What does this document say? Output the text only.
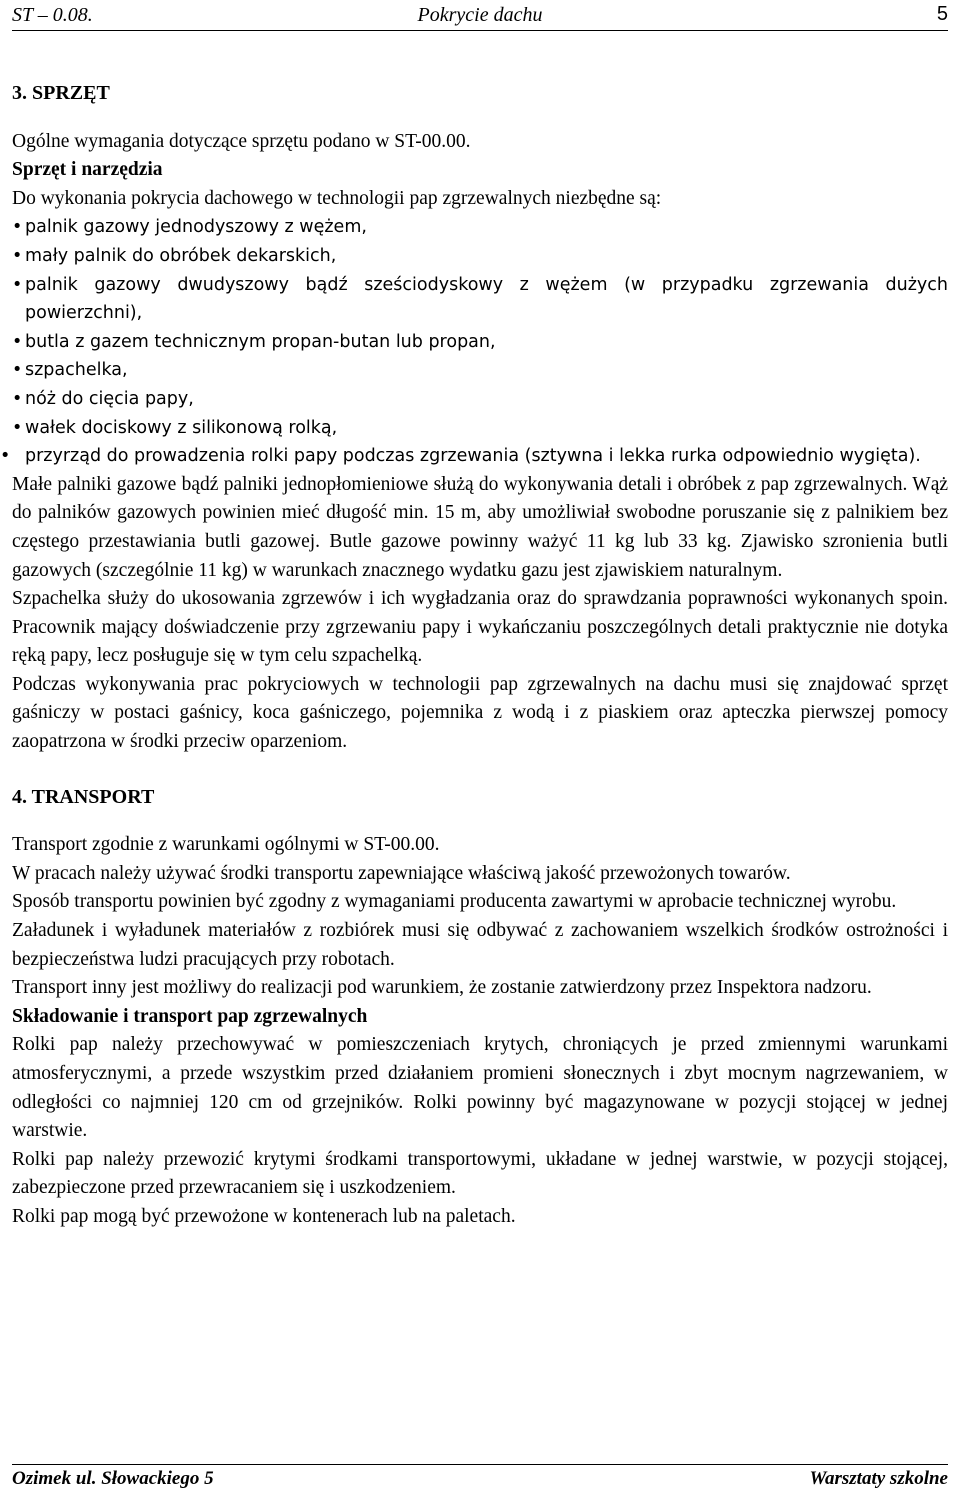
ST – 0.08.	Pokrycie dachu	5
3. SPRZĘT

Ogólne wymagania dotyczące sprzętu podano w ST-00.00.

Sprzęt i narzędzia

Do wykonania pokrycia dachowego w technologii pap zgrzewalnych niezbędne są:

• palnik gazowy jednodyszowy z wężem,
• mały palnik do obróbek dekarskich,
• palnik gazowy dwudyszowy bądź sześciodyskowy z wężem (w przypadku zgrzewania dużych powierzchni),
• butla z gazem technicznym propan-butan lub propan,
• szpachelka,
• nóż do cięcia papy,
• wałek dociskowy z silikonową rolką,
• przyrząd do prowadzenia rolki papy podczas zgrzewania (sztywna i lekka rurka odpowiednio wygięta).

Małe palniki gazowe bądź palniki jednopłomieniowe służą do wykonywania detali i obróbek z pap zgrzewalnych. Wąż do palników gazowych powinien mieć długość min. 15 m, aby umożliwiał swobodne poruszanie się z palnikiem bez częstego przestawiania butli gazowej. Butle gazowe powinny ważyć 11 kg lub 33 kg. Zjawisko szronienia butli gazowych (szczególnie 11 kg) w warunkach znacznego wydatku gazu jest zjawiskiem naturalnym.

Szpachelka służy do ukosowania zgrzewów i ich wygładzania oraz do sprawdzania poprawności wykonanych spoin. Pracownik mający doświadczenie przy zgrzewaniu papy i wykańczaniu poszczególnych detali praktycznie nie dotyka ręką papy, lecz posługuje się w tym celu szpachelką.

Podczas wykonywania prac pokryciowych w technologii pap zgrzewalnych na dachu musi się znajdować sprzęt gaśniczy w postaci gaśnicy, koca gaśniczego, pojemnika z wodą i z piaskiem oraz apteczka pierwszej pomocy zaopatrzona w środki przeciw oparzeniom.

4. TRANSPORT

Transport zgodnie z warunkami ogólnymi w ST-00.00.

W pracach należy używać środki transportu zapewniające właściwą jakość przewożonych towarów.

Sposób transportu powinien być zgodny z wymaganiami producenta zawartymi w aprobacie technicznej wyrobu.

Załadunek i wyładunek materiałów z rozbiórek musi się odbywać z zachowaniem wszelkich środków ostrożności i bezpieczeństwa ludzi pracujących przy robotach.

Transport inny jest możliwy do realizacji pod warunkiem, że zostanie zatwierdzony przez Inspektora nadzoru.

Składowanie i transport pap zgrzewalnych

Rolki pap należy przechowywać w pomieszczeniach krytych, chroniących je przed zmiennymi warunkami atmosferycznymi, a przede wszystkim przed działaniem promieni słonecznych i zbyt mocnym nagrzewaniem, w odległości co najmniej 120 cm od grzejników. Rolki powinny być magazynowane w pozycji stojącej w jednej warstwie.

Rolki pap należy przewozić krytymi środkami transportowymi, układane w jednej warstwie, w pozycji stojącej, zabezpieczone przed przewracaniem się i uszkodzeniem.

Rolki pap mogą być przewożone w kontenerach lub na paletach.

Ozimek ul. Słowackiego 5	Warsztaty szkolne
